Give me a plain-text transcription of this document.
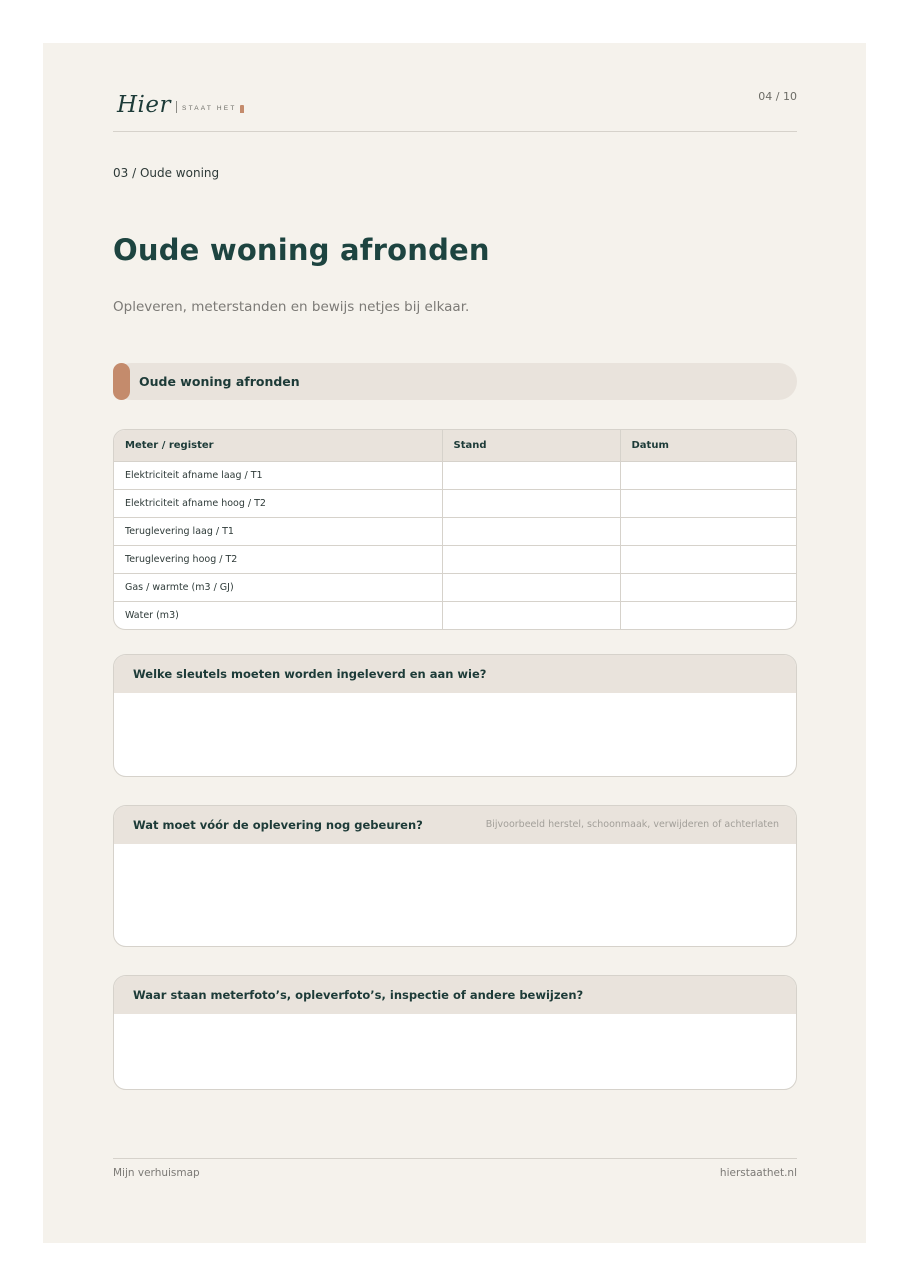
Hier STAAT HET
04 / 10
03 / Oude woning
Oude woning afronden
Opleveren, meterstanden en bewijs netjes bij elkaar.
Oude woning afronden
Meter / register	Stand	Datum
Elektriciteit afname laag / T1		
Elektriciteit afname hoog / T2		
Teruglevering laag / T1		
Teruglevering hoog / T2		
Gas / warmte (m3 / GJ)		
Water (m3)		
Welke sleutels moeten worden ingeleverd en aan wie?
Wat moet vóór de oplevering nog gebeuren?	Bijvoorbeeld herstel, schoonmaak, verwijderen of achterlaten
Waar staan meterfoto’s, opleverfoto’s, inspectie of andere bewijzen?
Mijn verhuismap	hierstaathet.nl
